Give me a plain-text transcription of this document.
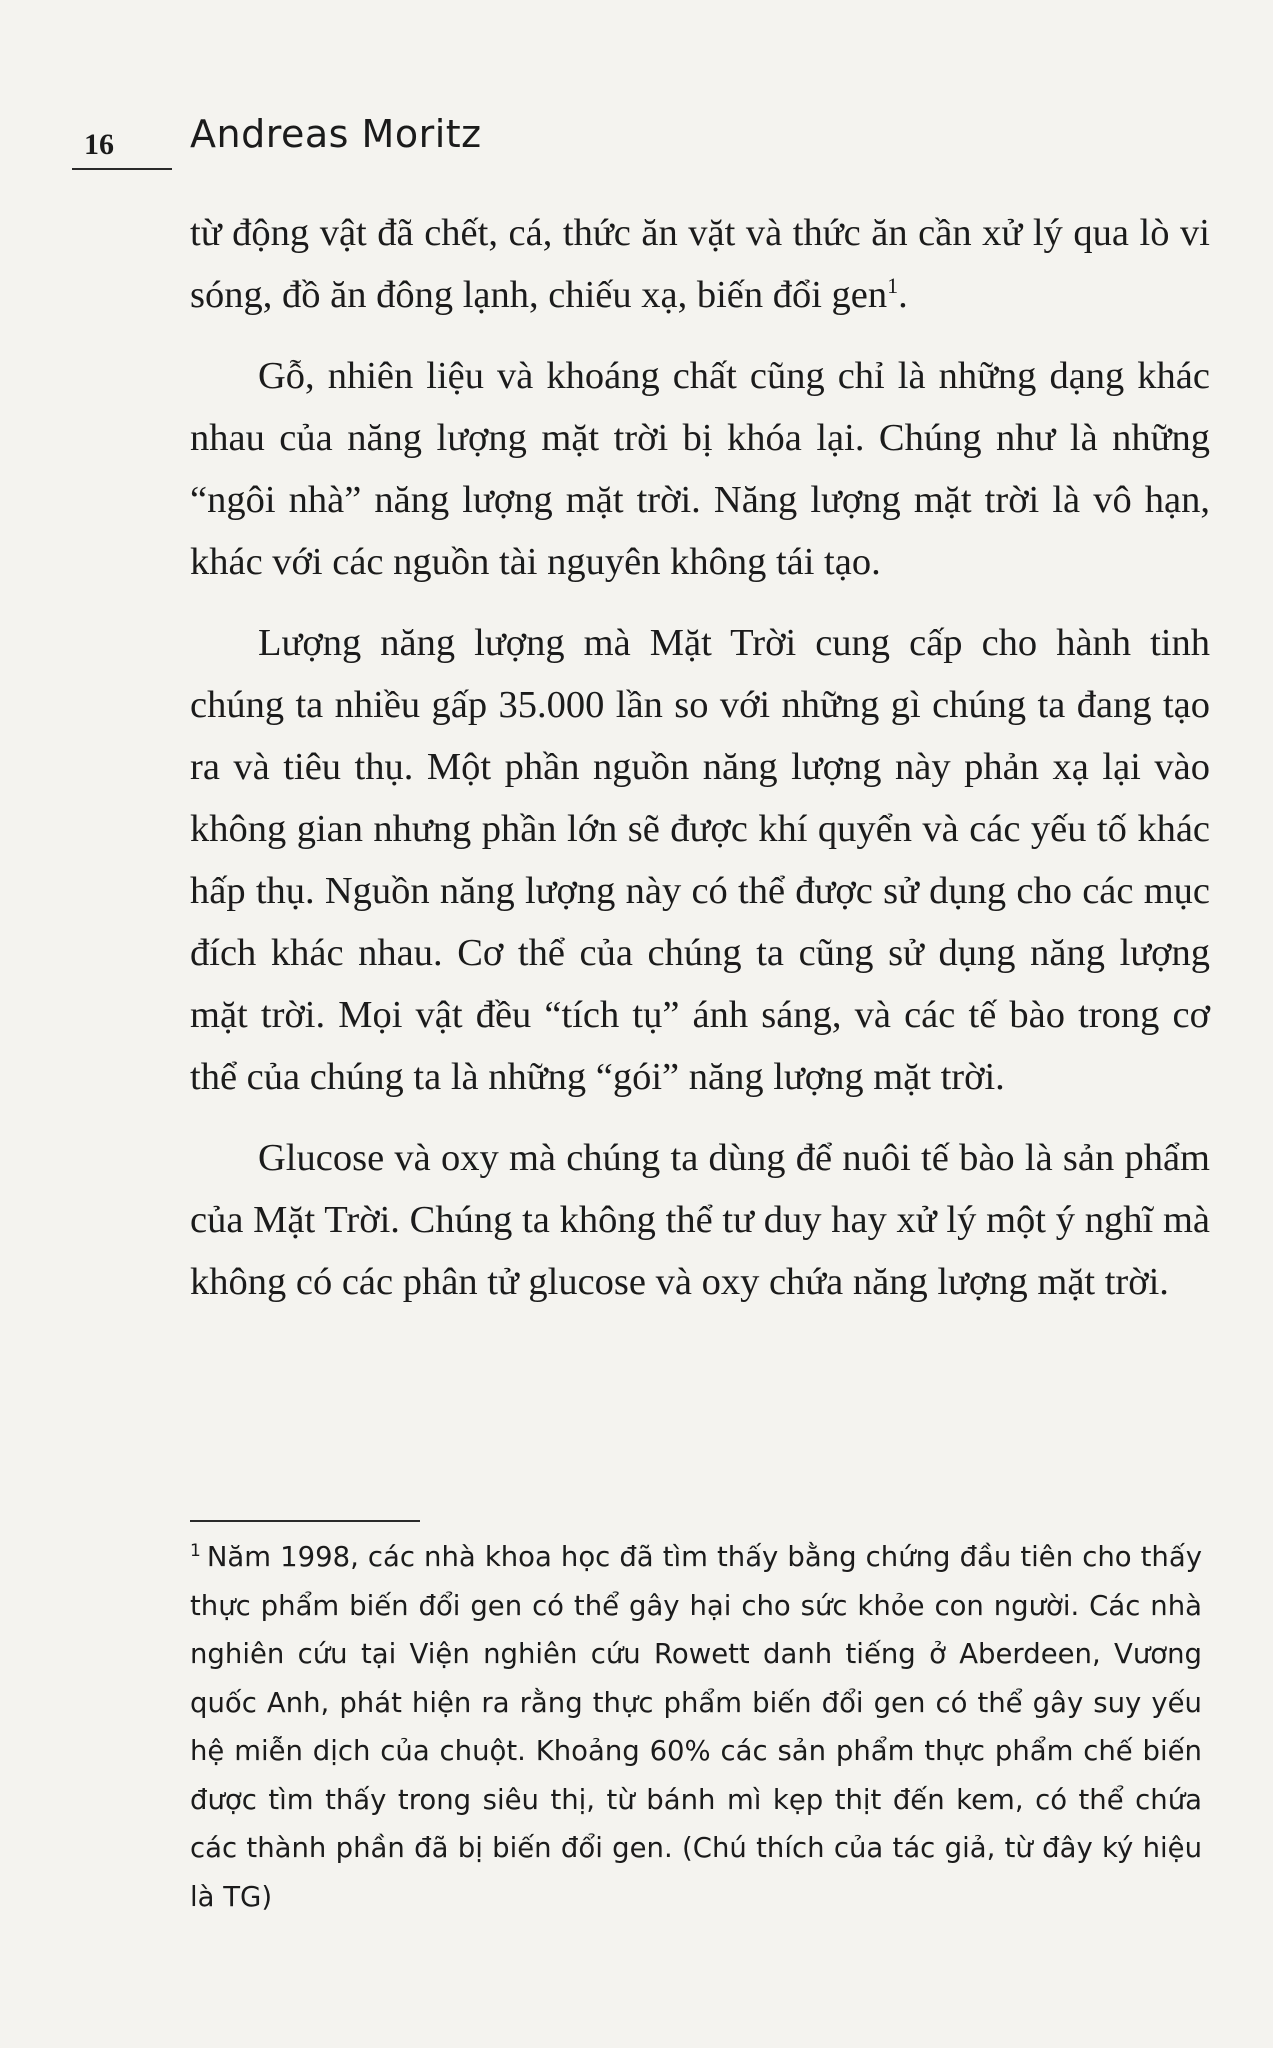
16 Andreas Moritz

từ động vật đã chết, cá, thức ăn vặt và thức ăn cần xử lý qua lò vi sóng, đồ ăn đông lạnh, chiếu xạ, biến đổi gen$^1$.

Gỗ, nhiên liệu và khoáng chất cũng chỉ là những dạng khác nhau của năng lượng mặt trời bị khóa lại. Chúng như là những “ngôi nhà” năng lượng mặt trời. Năng lượng mặt trời là vô hạn, khác với các nguồn tài nguyên không tái tạo.

Lượng năng lượng mà Mặt Trời cung cấp cho hành tinh chúng ta nhiều gấp 35.000 lần so với những gì chúng ta đang tạo ra và tiêu thụ. Một phần nguồn năng lượng này phản xạ lại vào không gian nhưng phần lớn sẽ được khí quyển và các yếu tố khác hấp thụ. Nguồn năng lượng này có thể được sử dụng cho các mục đích khác nhau. Cơ thể của chúng ta cũng sử dụng năng lượng mặt trời. Mọi vật đều “tích tụ” ánh sáng, và các tế bào trong cơ thể của chúng ta là những “gói” năng lượng mặt trời.

Glucose và oxy mà chúng ta dùng để nuôi tế bào là sản phẩm của Mặt Trời. Chúng ta không thể tư duy hay xử lý một ý nghĩ mà không có các phân tử glucose và oxy chứa năng lượng mặt trời.

$^1$ Năm 1998, các nhà khoa học đã tìm thấy bằng chứng đầu tiên cho thấy thực phẩm biến đổi gen có thể gây hại cho sức khỏe con người. Các nhà nghiên cứu tại Viện nghiên cứu Rowett danh tiếng ở Aberdeen, Vương quốc Anh, phát hiện ra rằng thực phẩm biến đổi gen có thể gây suy yếu hệ miễn dịch của chuột. Khoảng 60% các sản phẩm thực phẩm chế biến được tìm thấy trong siêu thị, từ bánh mì kẹp thịt đến kem, có thể chứa các thành phần đã bị biến đổi gen. (Chú thích của tác giả, từ đây ký hiệu là TG)
